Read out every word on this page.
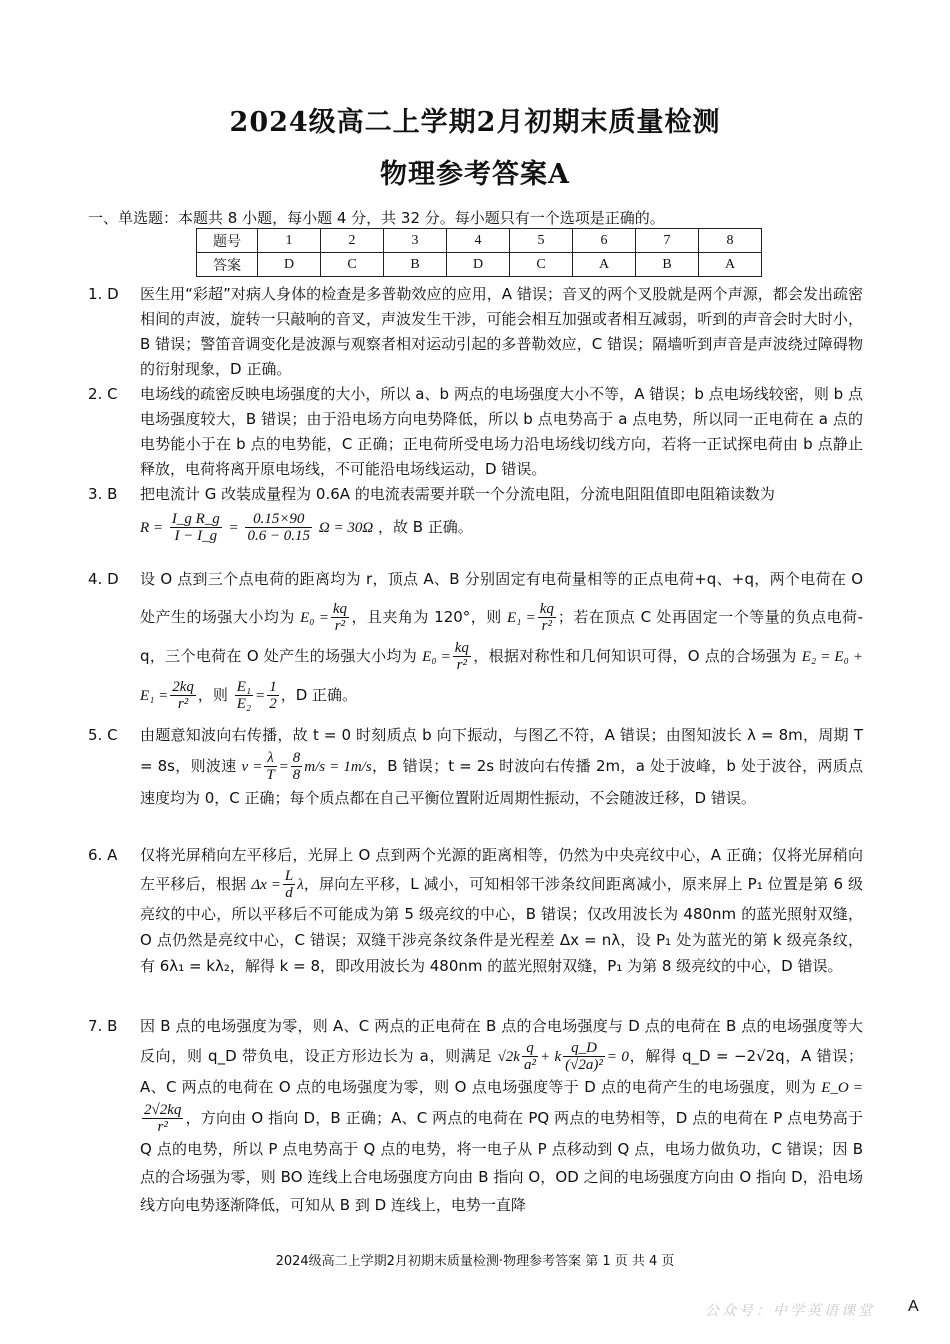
2024级高二上学期2月初期末质量检测
物理参考答案A
一、单选题：本题共 8 小题，每小题 4 分，共 32 分。每小题只有一个选项是正确的。
题号	1	2	3	4	5	6	7	8
答案	D	C	B	D	C	A	B	A
1. D 医生用“彩超”对病人身体的检查是多普勒效应的应用，A 错误；音叉的两个叉股就是两个声源，都会发出疏密相间的声波，旋转一只敲响的音叉，声波发生干涉，可能会相互加强或者相互减弱，听到的声音会时大时小，B 错误；警笛音调变化是波源与观察者相对运动引起的多普勒效应，C 错误；隔墙听到声音是声波绕过障碍物的衍射现象，D 正确。
2. C 电场线的疏密反映电场强度的大小，所以 a、b 两点的电场强度大小不等，A 错误；b 点电场线较密，则 b 点电场强度较大，B 错误；由于沿电场方向电势降低，所以 b 点电势高于 a 点电势，所以同一正电荷在 a 点的电势能小于在 b 点的电势能，C 正确；正电荷所受电场力沿电场线切线方向，若将一正试探电荷由 b 点静止释放，电荷将离开原电场线，不可能沿电场线运动，D 错误。
3. B 把电流计 G 改装成量程为 0.6A 的电流表需要并联一个分流电阻，分流电阻阻值即电阻箱读数为
$R = \frac{\text{I\_g R\_g}}{I - I\_g} = \frac{0.15\times 90}{0.6 - 0.15}$ Ω = 30Ω ，故 B 正确。
4. D 设 O 点到三个点电荷的距离均为 r，顶点 A、B 分别固定有电荷量相等的正点电荷+q、+q，两个电荷在 O 处产生的场强大小均为 $E_0 = \frac{kq}{\text{r²}}$ ，且夹角为 120°，则 $E_1 = \frac{kq}{\text{r²}}$ ；若在顶点 C 处再固定一个等量的负点电荷-q，三个电荷在 O 处产生的场强大小均为 $E_0 = \frac{kq}{\text{r²}}$ ，根据对称性和几何知识可得，O 点的合场强为 $E_2 = E_0 + E_1 = \frac{2kq}{\text{r²}}$ ，则 $\frac{\text{E₁}}{\text{E₂}} = \frac{1}{2}$ ，D 正确。
5. C 由题意知波向右传播，故 t = 0 时刻质点 b 向下振动，与图乙不符，A 错误；由图知波长 λ = 8m，周期 T = 8s，则波速 $v = \frac{\lambda}{T} = \frac{8}{8} m/s = 1m/s$，B 错误；t = 2s 时波向右传播 2m，a 处于波峰，b 处于波谷，两质点速度均为 0，C 正确；每个质点都在自己平衡位置附近周期性振动，不会随波迁移，D 错误。
6. A 仅将光屏稍向左平移后，光屏上 O 点到两个光源的距离相等，仍然为中央亮纹中心，A 正确；仅将光屏稍向左平移后，根据 $\Delta x = \frac{L}{d}$ λ，屏向左平移，L 减小，可知相邻干涉条纹间距离减小，原来屏上 P₁ 位置是第 6 级亮纹的中心，所以平移后不可能成为第 5 级亮纹的中心，B 错误；仅改用波长为 480nm 的蓝光照射双缝，O 点仍然是亮纹中心，C 错误；双缝干涉亮条纹条件是光程差 Δx = nλ，设 P₁ 处为蓝光的第 k 级亮条纹，有 6λ₁ = kλ₂，解得 k = 8，即改用波长为 480nm 的蓝光照射双缝，P₁ 为第 8 级亮纹的中心，D 错误。
7. B 因 B 点的电场强度为零，则 A、C 两点的正电荷在 B 点的合电场强度与 D 点的电荷在 B 点的电场强度等大反向，则 q_D 带负电，设正方形边长为 a，则满足 $√2k \frac{q}{\text{a²}} + k \frac{q\_D}{\text{(√2a)²}} = 0$，解得 q_D = −2√2q，A 错误；A、C 两点的电荷在 O 点的电场强度为零，则 O 点电场强度等于 D 点的电荷产生的电场强度，则为 E_O =
$\frac{2√2kq}{\text{r²}}$ ，方向由 O 指向 D，B 正确；A、C 两点的电荷在 PQ 两点的电势相等，D 点的电荷在 P 点电势高于 Q 点的电势，所以 P 点电势高于 Q 点的电势，将一电子从 P 点移动到 Q 点，电场力做负功，C 错误；因 B 点的合场强为零，则 BO 连线上合电场强度方向由 B 指向 O，OD 之间的电场强度方向由 O 指向 D，沿电场线方向电势逐渐降低，可知从 B 到 D 连线上，电势一直降
2024级高二上学期2月初期末质量检测·物理参考答案 第 1 页 共 4 页
公众号：中学英语课堂 A
